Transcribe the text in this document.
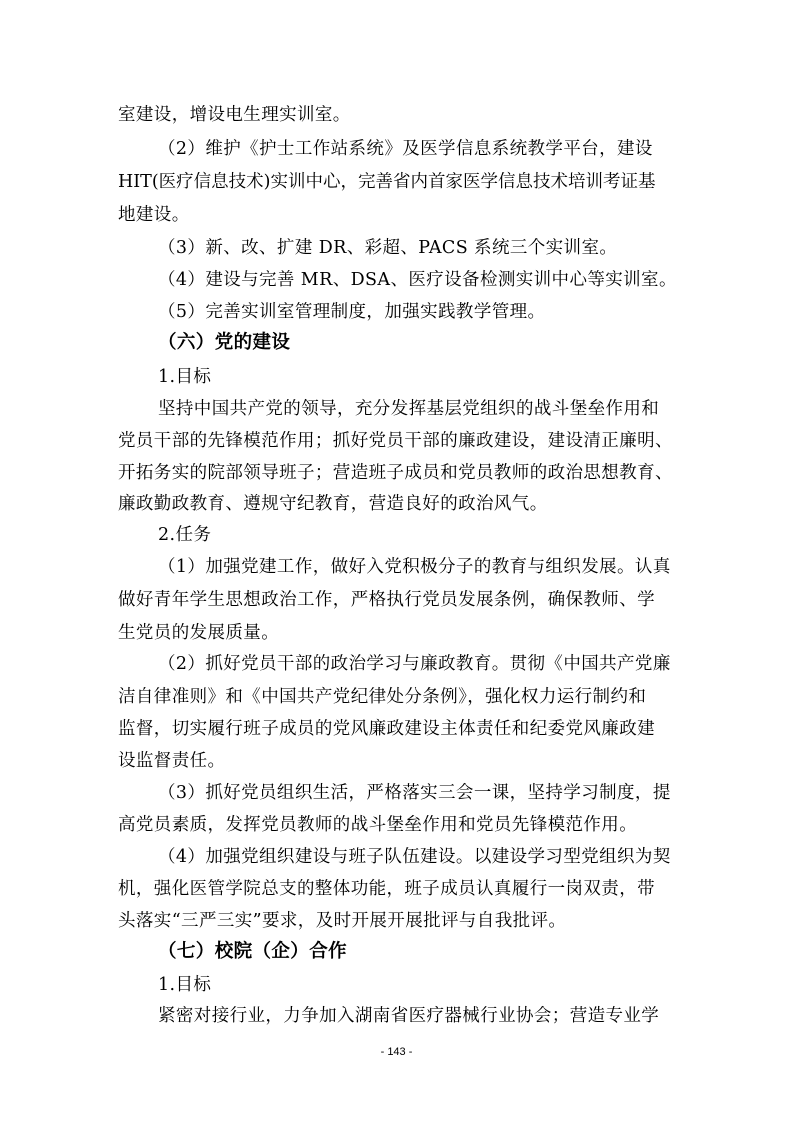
室建设，增设电生理实训室。
（2）维护《护士工作站系统》及医学信息系统教学平台，建设
HIT(医疗信息技术)实训中心，完善省内首家医学信息技术培训考证基
地建设。
（3）新、改、扩建 DR、彩超、PACS 系统三个实训室。
（4）建设与完善 MR、DSA、医疗设备检测实训中心等实训室。
（5）完善实训室管理制度，加强实践教学管理。
（六）党的建设
1.目标
坚持中国共产党的领导，充分发挥基层党组织的战斗堡垒作用和
党员干部的先锋模范作用；抓好党员干部的廉政建设，建设清正廉明、
开拓务实的院部领导班子；营造班子成员和党员教师的政治思想教育、
廉政勤政教育、遵规守纪教育，营造良好的政治风气。
2.任务
（1）加强党建工作，做好入党积极分子的教育与组织发展。认真
做好青年学生思想政治工作，严格执行党员发展条例，确保教师、学
生党员的发展质量。
（2）抓好党员干部的政治学习与廉政教育。贯彻《中国共产党廉
洁自律准则》和《中国共产党纪律处分条例》，强化权力运行制约和
监督，切实履行班子成员的党风廉政建设主体责任和纪委党风廉政建
设监督责任。
（3）抓好党员组织生活，严格落实三会一课，坚持学习制度，提
高党员素质，发挥党员教师的战斗堡垒作用和党员先锋模范作用。
（4）加强党组织建设与班子队伍建设。以建设学习型党组织为契
机，强化医管学院总支的整体功能，班子成员认真履行一岗双责，带
头落实“三严三实”要求，及时开展开展批评与自我批评。
（七）校院（企）合作
1.目标
紧密对接行业，力争加入湖南省医疗器械行业协会；营造专业学
- 143 -
